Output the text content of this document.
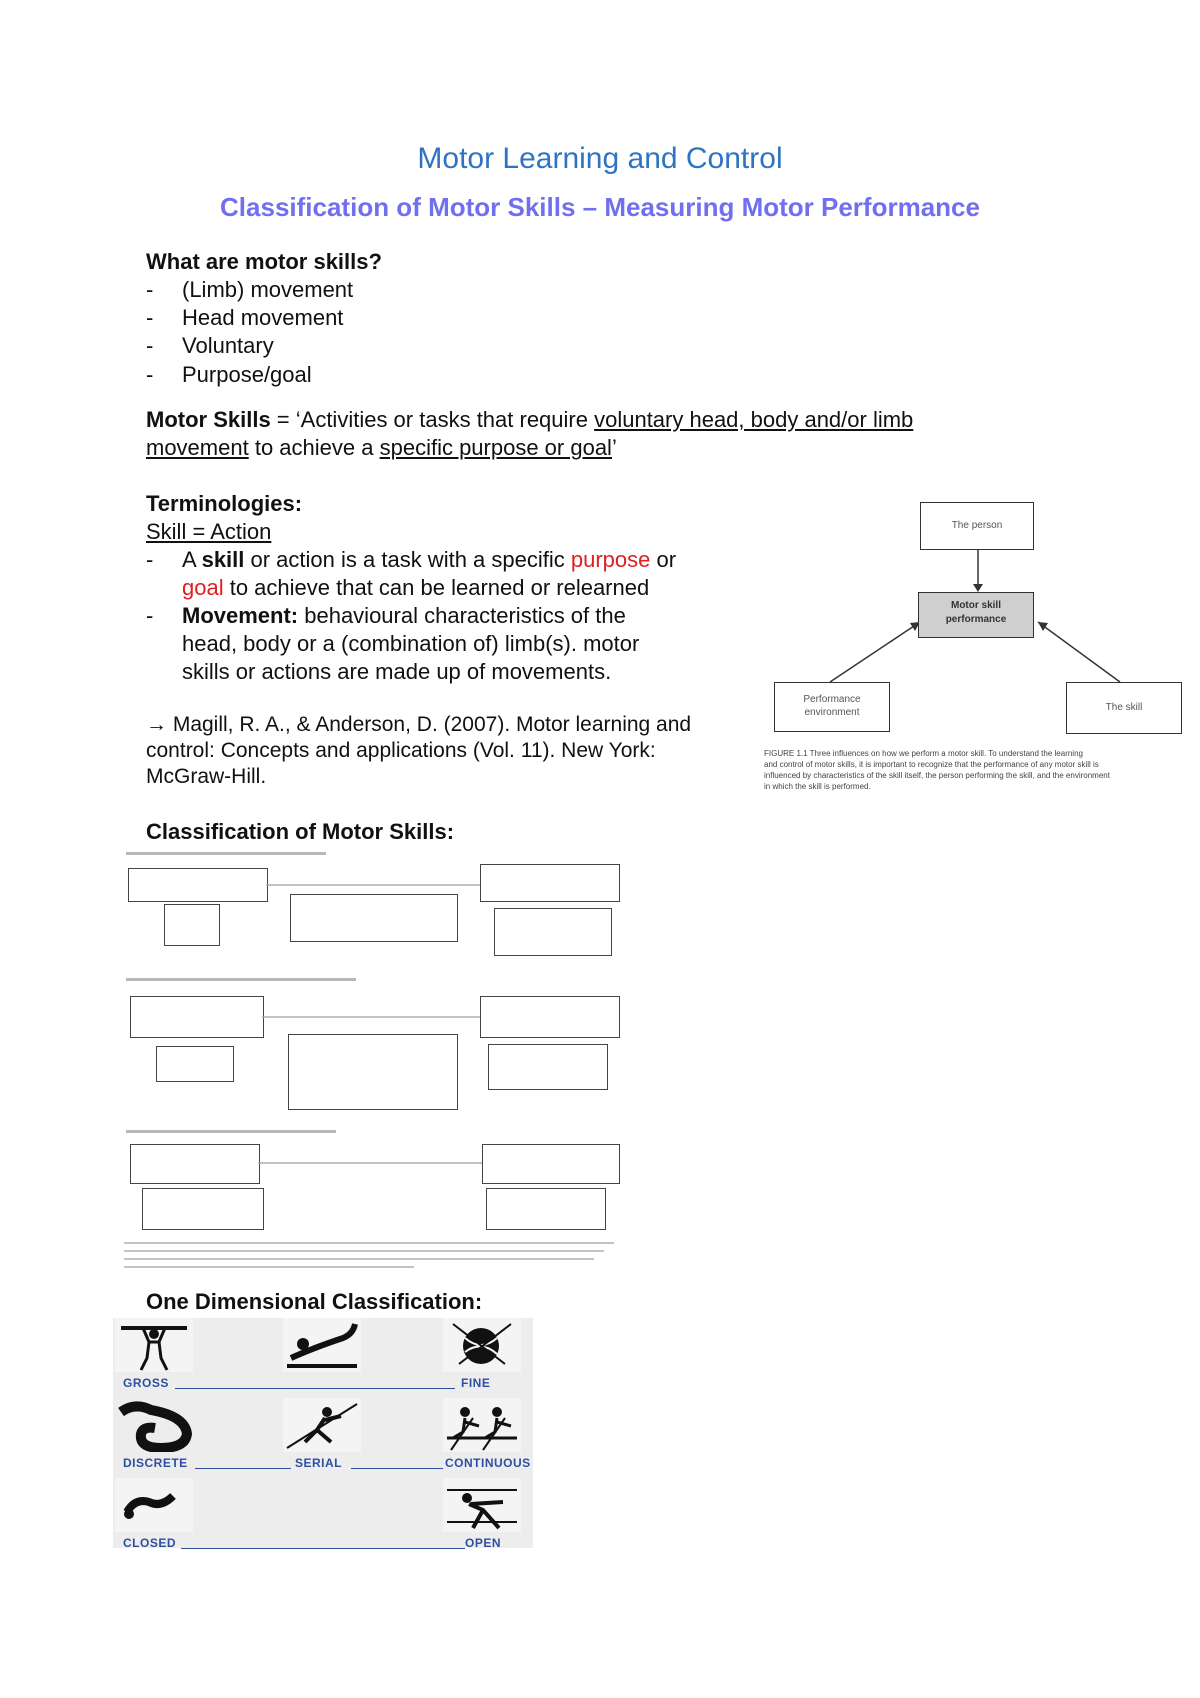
Motor Learning and Control
Classification of Motor Skills – Measuring Motor Performance
What are motor skills?
- (Limb) movement
- Head movement
- Voluntary
- Purpose/goal
Motor Skills = ‘Activities or tasks that require voluntary head, body and/or limb
movement to achieve a specific purpose or goal’
Terminologies:
Skill = Action
- A skill or action is a task with a specific purpose or
goal to achieve that can be learned or relearned
- Movement: behavioural characteristics of the
head, body or a (combination of) limb(s). motor
skills or actions are made up of movements.
→ Magill, R. A., & Anderson, D. (2007). Motor learning and
control: Concepts and applications (Vol. 11). New York:
McGraw-Hill.
The person
Motor skill
performance
Performance
environment	The skill
FIGURE 1.1 Three influences on how we perform a motor skill. To understand the learning
and control of motor skills, it is important to recognize that the performance of any motor skill is
influenced by characteristics of the skill itself, the person performing the skill, and the environment
in which the skill is performed.
Classification of Motor Skills:
One Dimensional Classification:
GROSS	FINE
DISCRETE	SERIAL	CONTINUOUS
CLOSED	OPEN
